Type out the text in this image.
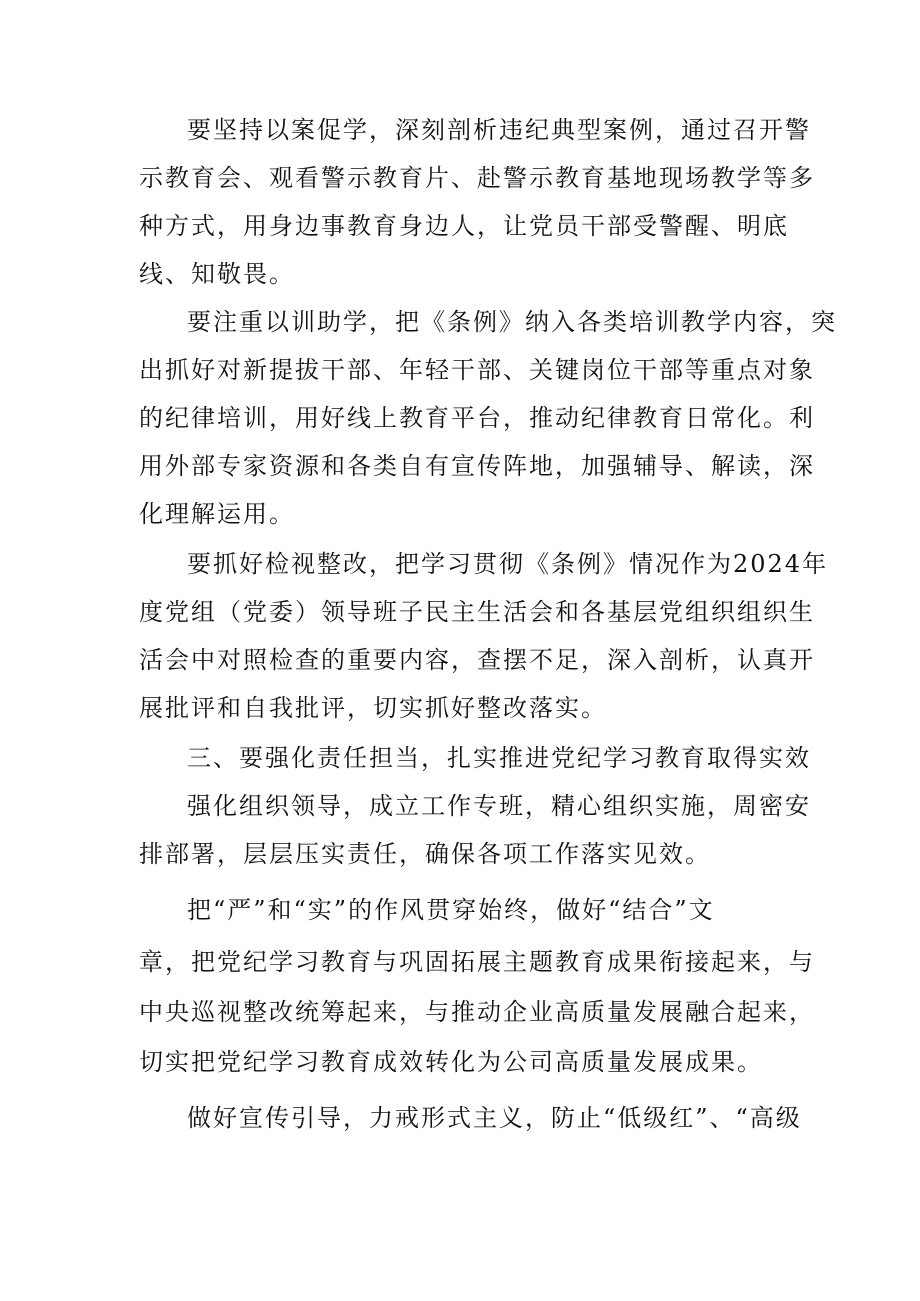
要坚持以案促学，深刻剖析违纪典型案例，通过召开警
示教育会、观看警示教育片、赴警示教育基地现场教学等多
种方式，用身边事教育身边人，让党员干部受警醒、明底
线、知敬畏。
要注重以训助学，把《条例》纳入各类培训教学内容，突
出抓好对新提拔干部、年轻干部、关键岗位干部等重点对象
的纪律培训，用好线上教育平台，推动纪律教育日常化。利
用外部专家资源和各类自有宣传阵地，加强辅导、解读，深
化理解运用。
要抓好检视整改，把学习贯彻《条例》情况作为2024年
度党组（党委）领导班子民主生活会和各基层党组织组织生
活会中对照检查的重要内容，查摆不足，深入剖析，认真开
展批评和自我批评，切实抓好整改落实。
三、要强化责任担当，扎实推进党纪学习教育取得实效
强化组织领导，成立工作专班，精心组织实施，周密安
排部署，层层压实责任，确保各项工作落实见效。
把“严”和“实”的作风贯穿始终，做好“结合”文
章，把党纪学习教育与巩固拓展主题教育成果衔接起来，与
中央巡视整改统筹起来，与推动企业高质量发展融合起来，
切实把党纪学习教育成效转化为公司高质量发展成果。
做好宣传引导，力戒形式主义，防止“低级红”、“高级
